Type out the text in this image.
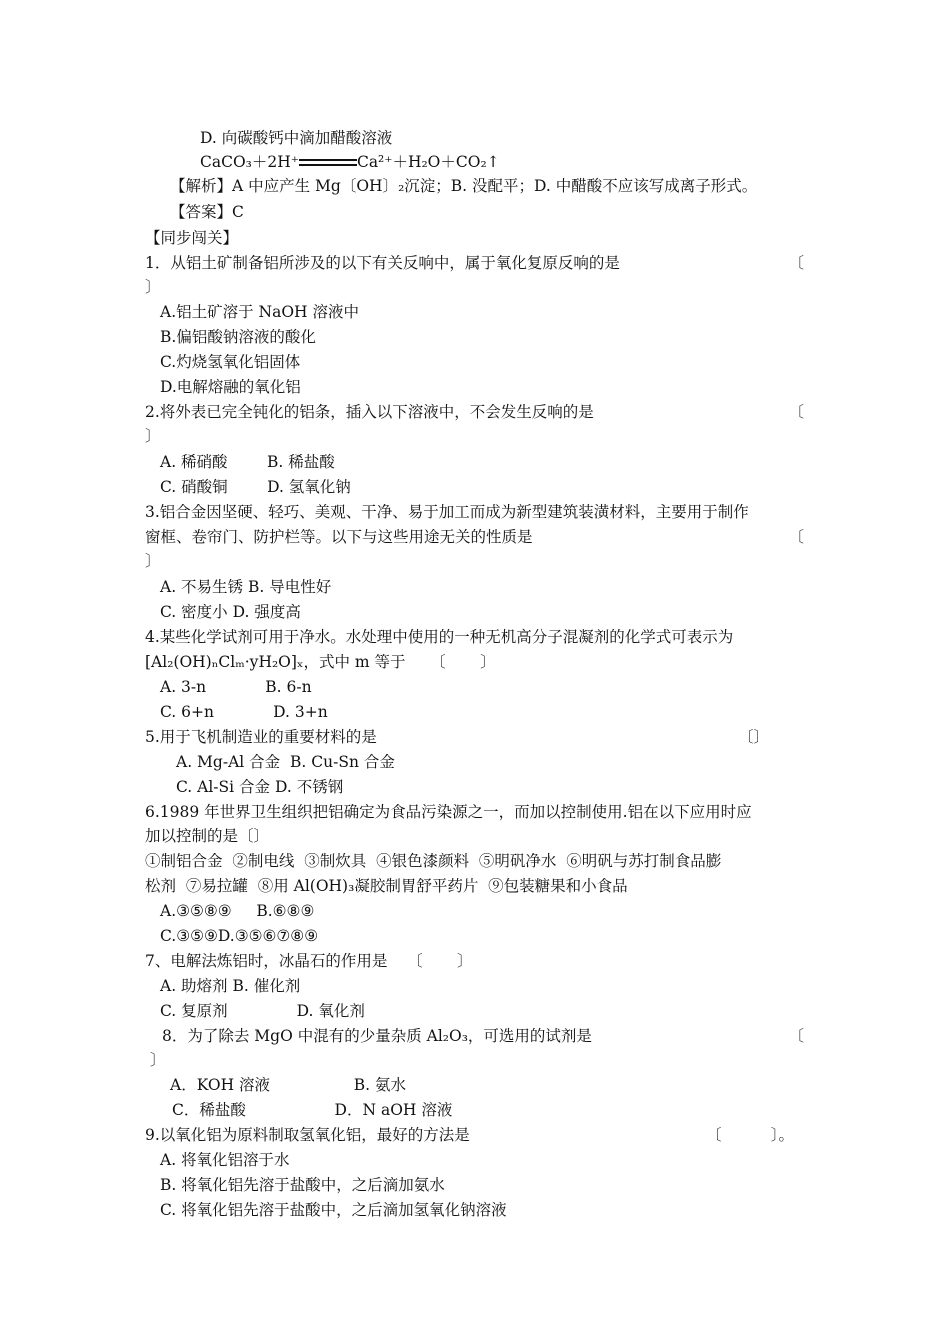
D. 向碳酸钙中滴加醋酸溶液
CaCO₃＋2H⁺	Ca²⁺＋H₂O＋CO₂↑
【解析】A 中应产生 Mg〔OH〕₂沉淀；B. 没配平；D. 中醋酸不应该写成离子形式。
【答案】C
【同步闯关】
1．从铝土矿制备铝所涉及的以下有关反响中，属于氧化复原反响的是	〔
〕
A.铝土矿溶于 NaOH 溶液中
B.偏铝酸钠溶液的酸化
C.灼烧氢氧化铝固体
D.电解熔融的氧化铝
2.将外表已完全钝化的铝条，插入以下溶液中，不会发生反响的是	〔
〕
A. 稀硝酸        B. 稀盐酸
C. 硝酸铜        D. 氢氧化钠
3.铝合金因坚硬、轻巧、美观、干净、易于加工而成为新型建筑装潢材料，主要用于制作
窗框、卷帘门、防护栏等。以下与这些用途无关的性质是	〔
〕
A. 不易生锈 B. 导电性好
C. 密度小 D. 强度高
4.某些化学试剂可用于净水。水处理中使用的一种无机高分子混凝剂的化学式可表示为
[Al₂(OH)ₙClₘ·yH₂O]ₓ，式中 m 等于     〔       〕
A. 3-n            B. 6-n
C. 6+n            D. 3+n
5.用于飞机制造业的重要材料的是	〔〕
A. Mg-Al 合金  B. Cu-Sn 合金
C. Al-Si 合金 D. 不锈钢
6.1989 年世界卫生组织把铝确定为食品污染源之一，而加以控制使用.铝在以下应用时应
加以控制的是〔〕
①制铝合金  ②制电线  ③制炊具  ④银色漆颜料  ⑤明矾净水  ⑥明矾与苏打制食品膨
松剂  ⑦易拉罐  ⑧用 Al(OH)₃凝胶制胃舒平药片  ⑨包装糖果和小食品
A.③⑤⑧⑨     B.⑥⑧⑨
C.③⑤⑨D.③⑤⑥⑦⑧⑨
7、电解法炼铝时，冰晶石的作用是    〔       〕
A. 助熔剂 B. 催化剂
C. 复原剂              D. 氧化剂
8．为了除去 MgO 中混有的少量杂质 Al₂O₃，可选用的试剂是	〔
〕
A．KOH 溶液                 B. 氨水
C．稀盐酸                  D．N aOH 溶液
9.以氧化铝为原料制取氢氧化铝，最好的方法是	〔          〕。
A. 将氧化铝溶于水
B. 将氧化铝先溶于盐酸中，之后滴加氨水
C. 将氧化铝先溶于盐酸中，之后滴加氢氧化钠溶液
